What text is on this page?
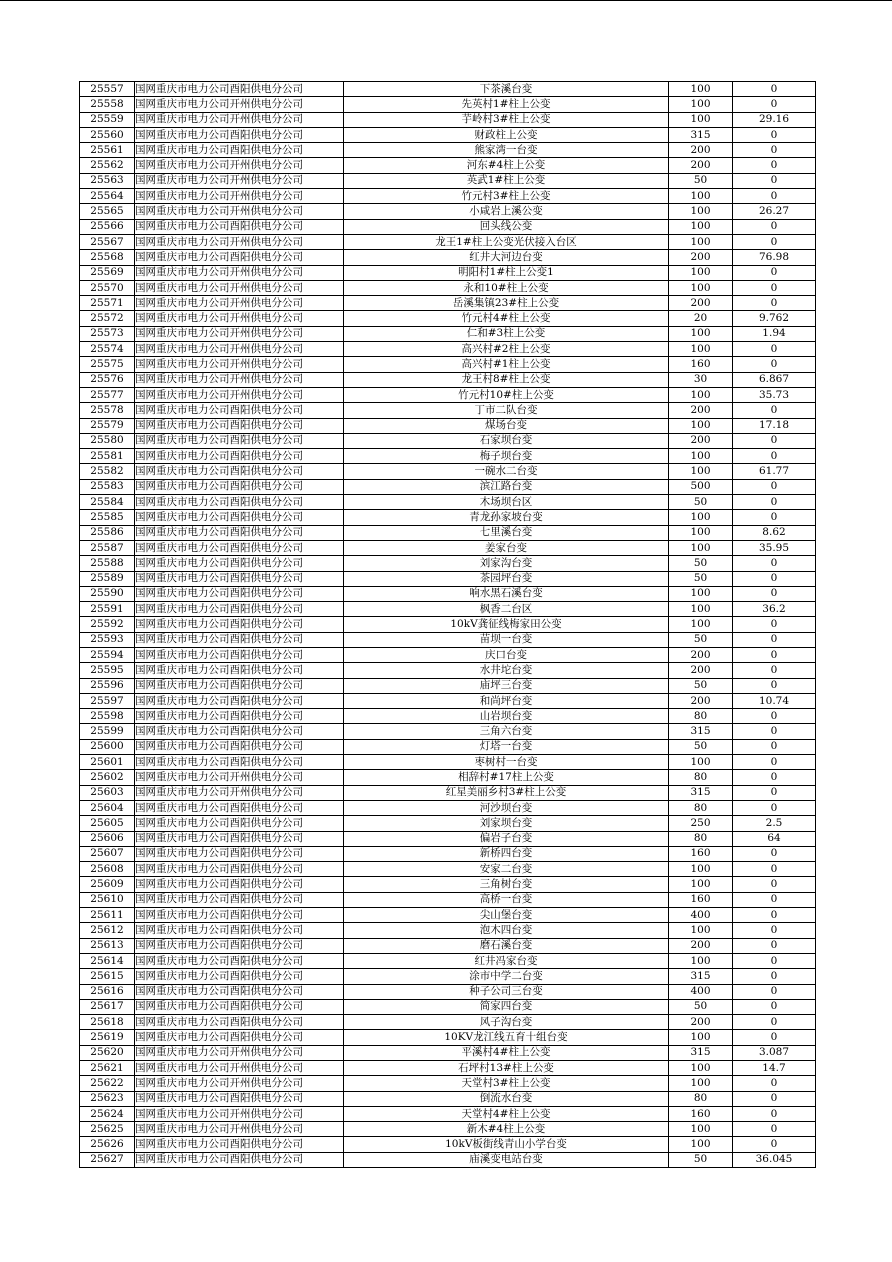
25557	国网重庆市电力公司酉阳供电分公司	下茶溪台变	100	0
25558	国网重庆市电力公司开州供电分公司	先英村1#柱上公变	100	0
25559	国网重庆市电力公司开州供电分公司	芋岭村3#柱上公变	100	29.16
25560	国网重庆市电力公司酉阳供电分公司	财政柱上公变	315	0
25561	国网重庆市电力公司酉阳供电分公司	熊家湾一台变	200	0
25562	国网重庆市电力公司开州供电分公司	河东#4柱上公变	200	0
25563	国网重庆市电力公司开州供电分公司	英武1#柱上公变	50	0
25564	国网重庆市电力公司开州供电分公司	竹元村3#柱上公变	100	0
25565	国网重庆市电力公司开州供电分公司	小咸岩上溪公变	100	26.27
25566	国网重庆市电力公司酉阳供电分公司	回头线公变	100	0
25567	国网重庆市电力公司开州供电分公司	龙王1#柱上公变光伏接入台区	100	0
25568	国网重庆市电力公司酉阳供电分公司	红井大河边台变	200	76.98
25569	国网重庆市电力公司开州供电分公司	明阳村1#柱上公变1	100	0
25570	国网重庆市电力公司开州供电分公司	永和10#柱上公变	100	0
25571	国网重庆市电力公司开州供电分公司	岳溪集镇23#柱上公变	200	0
25572	国网重庆市电力公司开州供电分公司	竹元村4#柱上公变	20	9.762
25573	国网重庆市电力公司开州供电分公司	仁和#3柱上公变	100	1.94
25574	国网重庆市电力公司开州供电分公司	高兴村#2柱上公变	100	0
25575	国网重庆市电力公司开州供电分公司	高兴村#1柱上公变	160	0
25576	国网重庆市电力公司开州供电分公司	龙王村8#柱上公变	30	6.867
25577	国网重庆市电力公司开州供电分公司	竹元村10#柱上公变	100	35.73
25578	国网重庆市电力公司酉阳供电分公司	丁市二队台变	200	0
25579	国网重庆市电力公司酉阳供电分公司	煤场台变	100	17.18
25580	国网重庆市电力公司酉阳供电分公司	石家坝台变	200	0
25581	国网重庆市电力公司酉阳供电分公司	梅子坝台变	100	0
25582	国网重庆市电力公司酉阳供电分公司	一碗水二台变	100	61.77
25583	国网重庆市电力公司酉阳供电分公司	滨江路台变	500	0
25584	国网重庆市电力公司酉阳供电分公司	木场坝台区	50	0
25585	国网重庆市电力公司酉阳供电分公司	青龙孙家坡台变	100	0
25586	国网重庆市电力公司酉阳供电分公司	七里溪台变	100	8.62
25587	国网重庆市电力公司酉阳供电分公司	姜家台变	100	35.95
25588	国网重庆市电力公司酉阳供电分公司	刘家沟台变	50	0
25589	国网重庆市电力公司酉阳供电分公司	茶园坪台变	50	0
25590	国网重庆市电力公司酉阳供电分公司	响水黑石溪台变	100	0
25591	国网重庆市电力公司酉阳供电分公司	枫香二台区	100	36.2
25592	国网重庆市电力公司酉阳供电分公司	10kV龚征线梅家田公变	100	0
25593	国网重庆市电力公司酉阳供电分公司	苗坝一台变	50	0
25594	国网重庆市电力公司酉阳供电分公司	庆口台变	200	0
25595	国网重庆市电力公司酉阳供电分公司	水井坨台变	200	0
25596	国网重庆市电力公司酉阳供电分公司	庙坪三台变	50	0
25597	国网重庆市电力公司酉阳供电分公司	和尚坪台变	200	10.74
25598	国网重庆市电力公司酉阳供电分公司	山岩坝台变	80	0
25599	国网重庆市电力公司酉阳供电分公司	三角六台变	315	0
25600	国网重庆市电力公司酉阳供电分公司	灯塔一台变	50	0
25601	国网重庆市电力公司酉阳供电分公司	枣树村一台变	100	0
25602	国网重庆市电力公司开州供电分公司	相辞村#17柱上公变	80	0
25603	国网重庆市电力公司开州供电分公司	红星美丽乡村3#柱上公变	315	0
25604	国网重庆市电力公司酉阳供电分公司	河沙坝台变	80	0
25605	国网重庆市电力公司酉阳供电分公司	刘家坝台变	250	2.5
25606	国网重庆市电力公司酉阳供电分公司	偏岩子台变	80	64
25607	国网重庆市电力公司酉阳供电分公司	新桥四台变	160	0
25608	国网重庆市电力公司酉阳供电分公司	安家二台变	100	0
25609	国网重庆市电力公司酉阳供电分公司	三角树台变	100	0
25610	国网重庆市电力公司酉阳供电分公司	高桥一台变	160	0
25611	国网重庆市电力公司酉阳供电分公司	尖山堡台变	400	0
25612	国网重庆市电力公司酉阳供电分公司	泡木四台变	100	0
25613	国网重庆市电力公司酉阳供电分公司	磨石溪台变	200	0
25614	国网重庆市电力公司酉阳供电分公司	红井冯家台变	100	0
25615	国网重庆市电力公司酉阳供电分公司	涂市中学二台变	315	0
25616	国网重庆市电力公司酉阳供电分公司	种子公司三台变	400	0
25617	国网重庆市电力公司酉阳供电分公司	简家四台变	50	0
25618	国网重庆市电力公司酉阳供电分公司	风子沟台变	200	0
25619	国网重庆市电力公司酉阳供电分公司	10KV龙江线五育十组台变	100	0
25620	国网重庆市电力公司开州供电分公司	平溪村4#柱上公变	315	3.087
25621	国网重庆市电力公司开州供电分公司	石坪村13#柱上公变	100	14.7
25622	国网重庆市电力公司开州供电分公司	天堂村3#柱上公变	100	0
25623	国网重庆市电力公司酉阳供电分公司	倒流水台变	80	0
25624	国网重庆市电力公司开州供电分公司	天堂村4#柱上公变	160	0
25625	国网重庆市电力公司开州供电分公司	新木#4柱上公变	100	0
25626	国网重庆市电力公司酉阳供电分公司	10kV板街线青山小学台变	100	0
25627	国网重庆市电力公司酉阳供电分公司	庙溪变电站台变	50	36.045
